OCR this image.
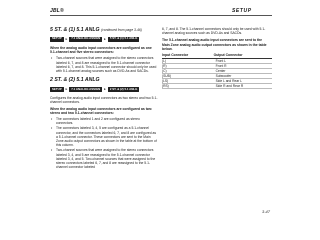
JBL®	SETUP
5 ST. & (1) 5.1 ANLG (continued from page 3-46)
SETUP	►	7.1 ANALOG ASSIGN	►	5 ST. & (1) 5.1 ANLG

When the analog audio input connectors are configured as one 5.1-channel and five stereo connectors:

• Two-channel sources that were assigned to the stereo connectors labeled 6, 7, and 8 are reassigned to the 5.1-channel connector labeled 6, 7, and 8. This 5.1-channel connector should only be used with 5.1-channel analog sources such as DVD-As and SACDs.
2 ST. & (2) 5.1 ANLG
SETUP	►	7.1 ANALOG ASSIGN	►	2 ST. & (2) 5.1 ANLG

Configures the analog audio input connectors as two stereo and two 5.1-channel connectors.

When the analog audio input connectors are configured as two stereo and two 5.1-channel connectors:

• The connectors labeled 1 and 2 are configured as stereo connectors.
• The connectors labeled 3, 4, 5 are configured as a 5.1-channel connector, and the connectors labeled 6, 7, and 8 are configured as a 5.1-channel connector. These connectors are sent to the Main Zone audio output connectors as shown in the table at the bottom of this column.
• Two-channel sources that were assigned to the stereo connectors labeled 3, 4, and 5 are reassigned to the 5.1-channel connector labeled 3, 4, and 5. Two-channel sources that were assigned to the stereo connectors labeled 6, 7, and 8 are reassigned to the 5.1-channel connector labeled

6, 7, and 8. The 5.1-channel connectors should only be used with 5.1-channel analog sources such as DVD-As and SACDs.

The 5.1-channel analog audio input connectors are sent to the Main Zone analog audio output connectors as shown in the table below.

Input Connector	Output Connector
(L)	Front L
(R)	Front R
(C)	Center
(SUB)	Subwoofer
(LS)	Side L and Rear L
(RS)	Side R and Rear R
3-47
